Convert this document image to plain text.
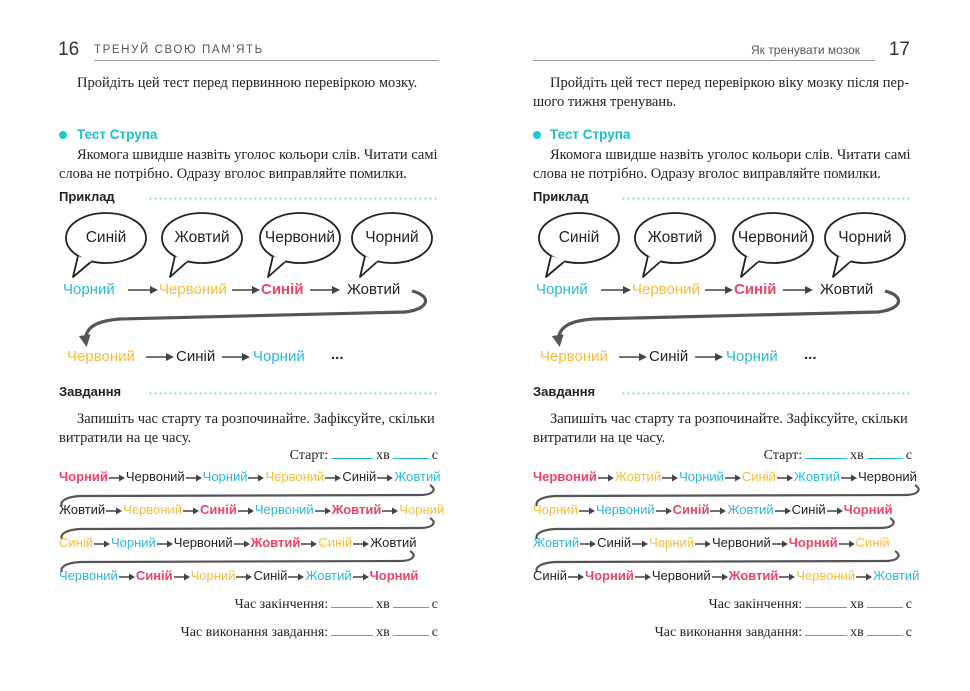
16 ТРЕНУЙ СВОЮ ПАМ'ЯТЬ
Пройдіть цей тест перед первинною перевіркою мозку.
Тест Струпа
Якомога швидше назвіть уголос кольори слів. Читати самі
слова не потрібно. Одразу вголос виправляйте помилки.
Приклад
Синій	Жовтий	Червоний	Чорний
Чорний	Червоний Синій	Жовтий
Червоний	Синій	Чорний ...
Завдання
Запишіть час старту та розпочинайте. Зафіксуйте, скільки
витратили на це часу.
Старт:	хв	с
Чорний Червоний Чорний Червоний Синій Жовтий
Жовтий Червоний Синій Червоний Жовтий Чорний
Синій Чорний Червоний Жовтий Синій Жовтий
Червоний Синій Чорний Синій Жовтий Чорний
Час закінчення:	хв	с
Час виконання завдання:	хв	с
Як тренувати мозок 17
Пройдіть цей тест перед перевіркою віку мозку після пер-
шого тижня тренувань.
Тест Струпа
Якомога швидше назвіть уголос кольори слів. Читати самі
слова не потрібно. Одразу вголос виправляйте помилки.
Приклад
Синій	Жовтий	Червоний	Чорний
Чорний	Червоний Синій	Жовтий
Червоний	Синій	Чорний ...
Завдання
Запишіть час старту та розпочинайте. Зафіксуйте, скільки
витратили на це часу.
Старт:	хв	с
Червоний Жовтий Чорний Синій Жовтий Червоний
Чорний Червоний Синій Жовтий Синій Чорний
Жовтий Синій Чорний Червоний Чорний Синій
Синій Чорний Червоний Жовтий Червоний Жовтий
Час закінчення:	хв	с
Час виконання завдання:	хв	с
